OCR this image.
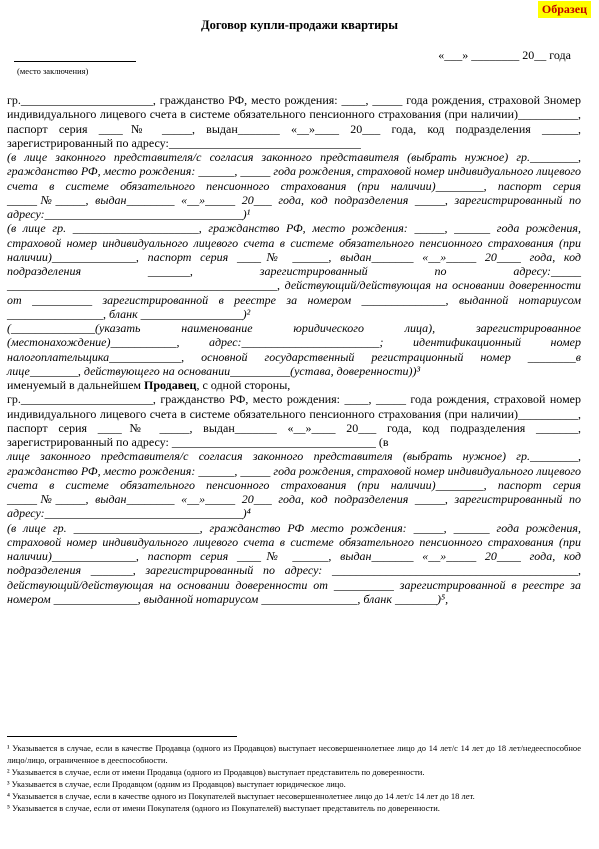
Образец
Договор купли-продажи квартиры
(место заключения)
«___» ________ 20__ года
гр.______________________, гражданство РФ, место рождения: ____, _____ года рождения, страховой 3номер индивидуального лицевого счета в системе обязательного пенсионного страхования (при наличии)__________, паспорт серия ____№ _____, выдан_______ «__»____ 20___ года, код подразделения ______, зарегистрированный по адресу:________________________________
(в лице законного представителя/с согласия законного представителя (выбрать нужное) гр.________, гражданство РФ, место рождения: ______, _____ года рождения, страховой номер индивидуального лицевого счета в системе обязательного пенсионного страхования (при наличии)________, паспорт серия _____№_____, выдан________ «__»_____ 20___ года, код подразделения _____, зарегистрированный по адресу:_________________________________)¹
(в лице гр. _____________________, гражданство РФ, место рождения: _____, ______ года рождения, страховой номер индивидуального лицевого счета в системе обязательного пенсионного страхования (при наличии)______________, паспорт серия ____№ ______, выдан_______ «__»_____ 20____ года, код подразделения _______, зарегистрированный по адресу:_____ _____________________________________________, действующий/действующая на основании доверенности от __________ зарегистрированной в реестре за номером ______________, выданной нотариусом ________________, бланк _________________)²
(______________(указать наименование юридического лица), зарегистрированное (местонахождение)___________, адрес:_______________________; идентификационный номер налогоплательщика____________, основной государственный регистрационный номер ________в лице________, действующего на основании__________(устава, доверенности))³
именуемый в дальнейшем Продавец, с одной стороны,
гр.______________________, гражданство РФ, место рождения: ____, _____ года рождения, страховой номер индивидуального лицевого счета в системе обязательного пенсионного страхования (при наличии)__________, паспорт серия ____№ _____, выдан_______ «__»____ 20___ года, код подразделения _______, зарегистрированный по адресу: __________________________________ (в
лице законного представителя/с согласия законного представителя (выбрать нужное) гр.________, гражданство РФ, место рождения: ______, _____ года рождения, страховой номер индивидуального лицевого счета в системе обязательного пенсионного страхования (при наличии)________, паспорт серия _____№_____, выдан________ «__»_____ 20___ года, код подразделения _____, зарегистрированный по адресу:_________________________________)⁴
(в лице гр. _____________________, гражданство РФ место рождения: _____, ______ года рождения, страховой номер индивидуального лицевого счета в системе обязательного пенсионного страхования (при наличии)______________, паспорт серия ____№ ______, выдан_______ «__»_____ 20____ года, код подразделения _______, зарегистрированный по адресу: _________________________________________, действующий/действующая на основании доверенности от __________ зарегистрированной в реестре за номером ______________, выданной нотариусом ________________, бланк _______)⁵,
¹ Указывается в случае, если в качестве Продавца (одного из Продавцов) выступает несовершеннолетнее лицо до 14 лет/с 14 лет до 18 лет/недееспособное лицо/лицо, ограниченное в дееспособности.
² Указывается в случае, если от имени Продавца (одного из Продавцов) выступает представитель по доверенности.
³ Указывается в случае, если Продавцом (одним из Продавцов) выступает юридическое лицо.
⁴ Указывается в случае, если в качестве одного из Покупателей выступает несовершеннолетнее лицо до 14 лет/с 14 лет до 18 лет.
⁵ Указывается в случае, если от имени Покупателя (одного из Покупателей) выступает представитель по доверенности.
